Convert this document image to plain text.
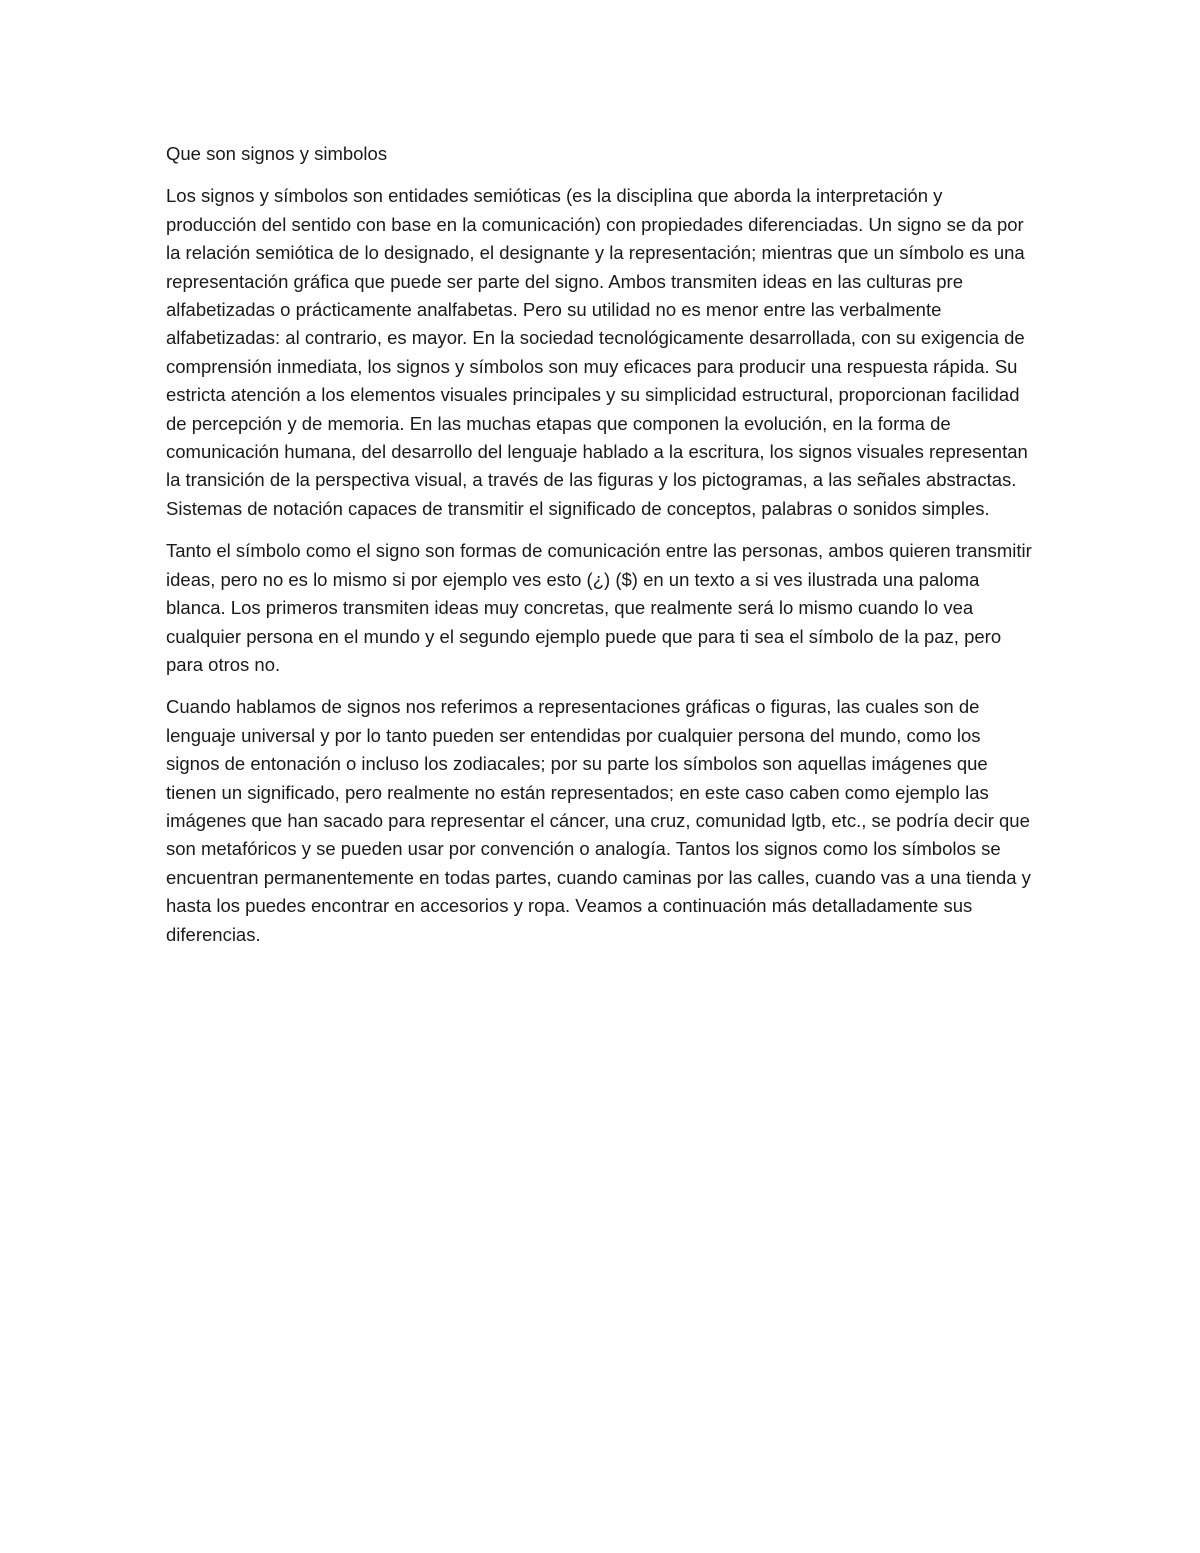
Que son signos y simbolos

Los signos y símbolos son entidades semióticas (es la disciplina que aborda la interpretación y producción del sentido con base en la comunicación) con propiedades diferenciadas. Un signo se da por la relación semiótica de lo designado, el designante y la representación; mientras que un símbolo es una representación gráfica que puede ser parte del signo. Ambos transmiten ideas en las culturas pre alfabetizadas o prácticamente analfabetas. Pero su utilidad no es menor entre las verbalmente alfabetizadas: al contrario, es mayor. En la sociedad tecnológicamente desarrollada, con su exigencia de comprensión inmediata, los signos y símbolos son muy eficaces para producir una respuesta rápida. Su estricta atención a los elementos visuales principales y su simplicidad estructural, proporcionan facilidad de percepción y de memoria. En las muchas etapas que componen la evolución, en la forma de comunicación humana, del desarrollo del lenguaje hablado a la escritura, los signos visuales representan la transición de la perspectiva visual, a través de las figuras y los pictogramas, a las señales abstractas. Sistemas de notación capaces de transmitir el significado de conceptos, palabras o sonidos simples.

Tanto el símbolo como el signo son formas de comunicación entre las personas, ambos quieren transmitir ideas, pero no es lo mismo si por ejemplo ves esto (¿) ($) en un texto a si ves ilustrada una paloma blanca. Los primeros transmiten ideas muy concretas, que realmente será lo mismo cuando lo vea cualquier persona en el mundo y el segundo ejemplo puede que para ti sea el símbolo de la paz, pero para otros no.

Cuando hablamos de signos nos referimos a representaciones gráficas o figuras, las cuales son de lenguaje universal y por lo tanto pueden ser entendidas por cualquier persona del mundo, como los signos de entonación o incluso los zodiacales; por su parte los símbolos son aquellas imágenes que tienen un significado, pero realmente no están representados; en este caso caben como ejemplo las imágenes que han sacado para representar el cáncer, una cruz, comunidad lgtb, etc., se podría decir que son metafóricos y se pueden usar por convención o analogía. Tantos los signos como los símbolos se encuentran permanentemente en todas partes, cuando caminas por las calles, cuando vas a una tienda y hasta los puedes encontrar en accesorios y ropa. Veamos a continuación más detalladamente sus diferencias.
